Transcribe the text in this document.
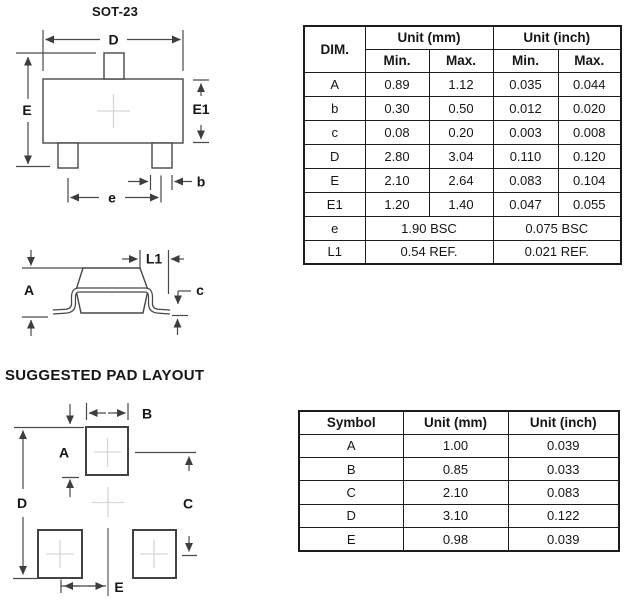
SOT-23
SUGGESTED PAD LAYOUT
D
E	E1
b
e
A
L1
c
B
A
D	C
E
DIM.	Unit (mm)		Unit (inch)	
	Min.	Max.	Min.	Max.
A	0.89	1.12	0.035	0.044
b	0.30	0.50	0.012	0.020
c	0.08	0.20	0.003	0.008
D	2.80	3.04	0.110	0.120
E	2.10	2.64	0.083	0.104
E1	1.20	1.40	0.047	0.055
e	1.90 BSC		0.075 BSC	
L1	0.54 REF.		0.021 REF.	
Symbol	Unit (mm)	Unit (inch)
A	1.00	0.039
B	0.85	0.033
C	2.10	0.083
D	3.10	0.122
E	0.98	0.039
